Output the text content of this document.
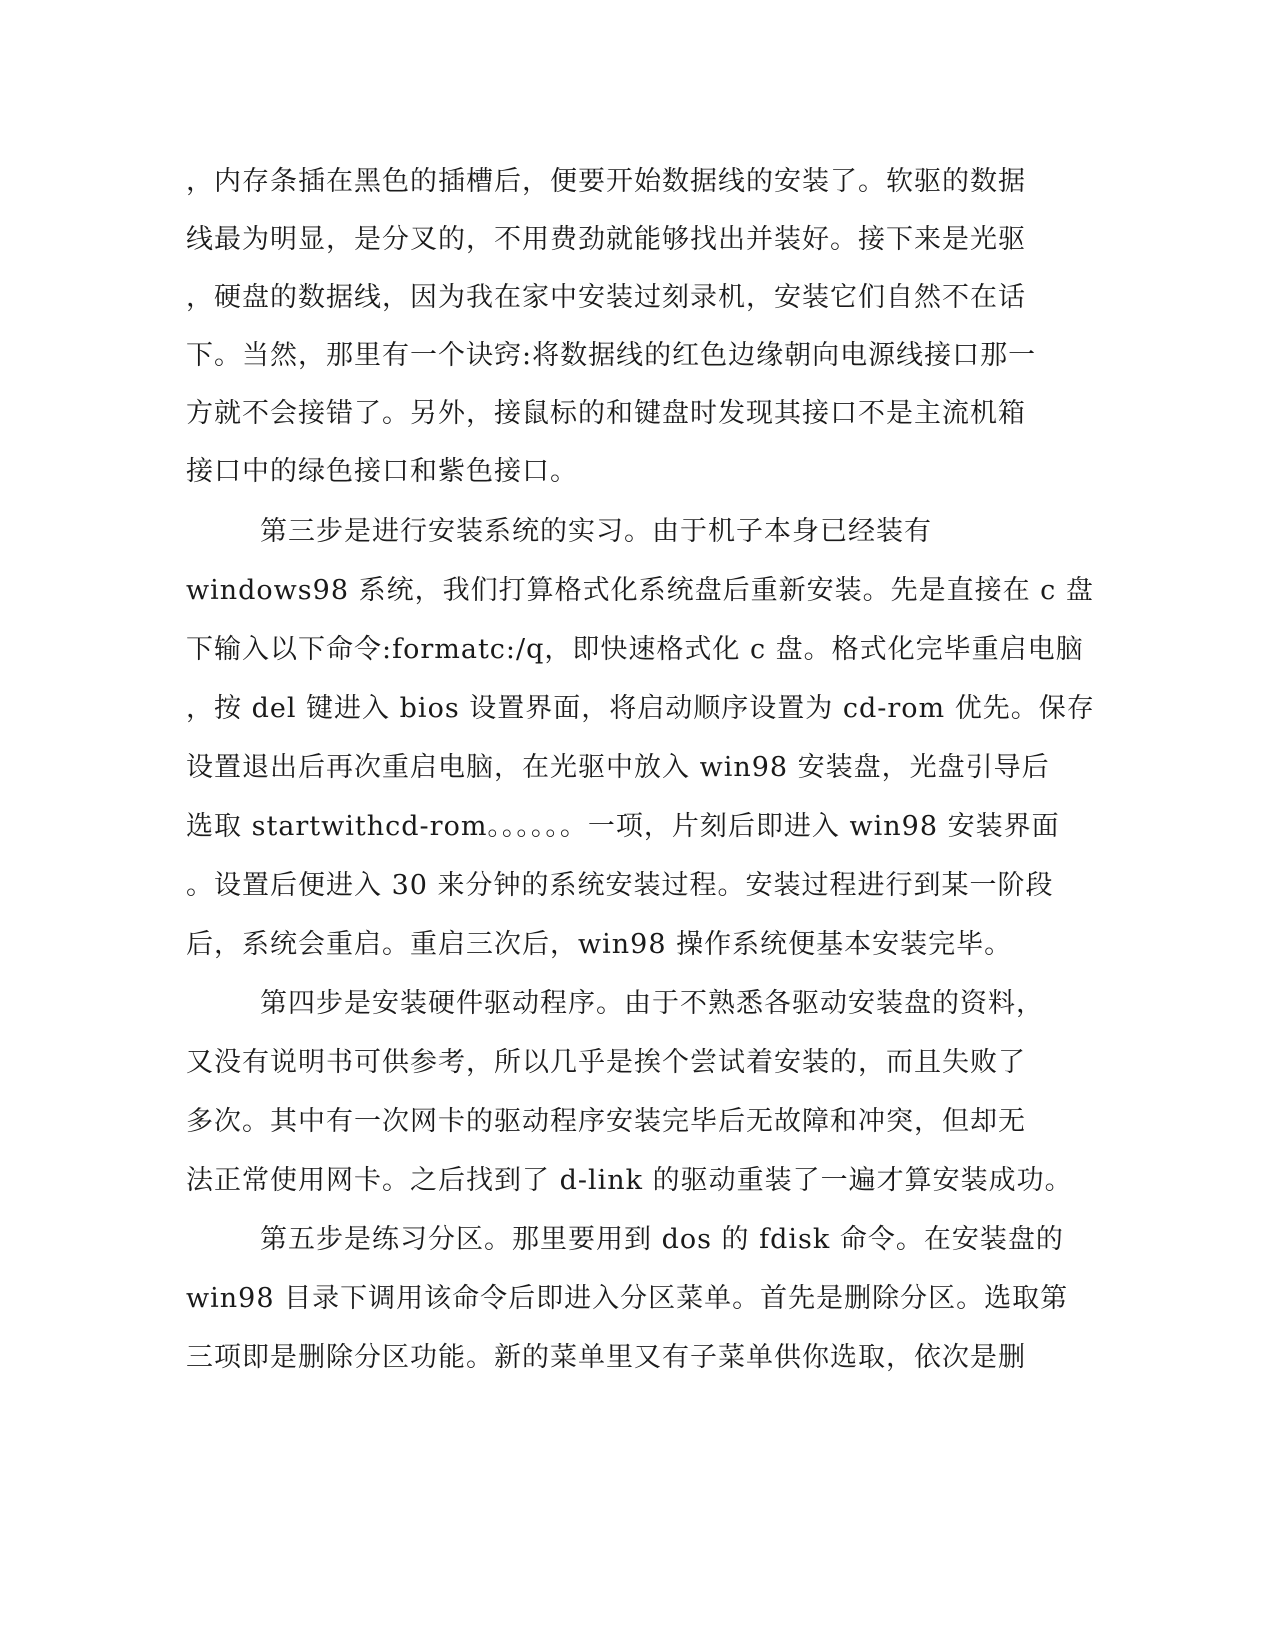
，内存条插在黑色的插槽后，便要开始数据线的安装了。软驱的数据
线最为明显，是分叉的，不用费劲就能够找出并装好。接下来是光驱
，硬盘的数据线，因为我在家中安装过刻录机，安装它们自然不在话
下。当然，那里有一个诀窍:将数据线的红色边缘朝向电源线接口那一
方就不会接错了。另外，接鼠标的和键盘时发现其接口不是主流机箱
接口中的绿色接口和紫色接口。
第三步是进行安装系统的实习。由于机子本身已经装有
windows98 系统，我们打算格式化系统盘后重新安装。先是直接在 c 盘
下输入以下命令:formatc:/q，即快速格式化 c 盘。格式化完毕重启电脑
，按 del 键进入 bios 设置界面，将启动顺序设置为 cd-rom 优先。保存
设置退出后再次重启电脑，在光驱中放入 win98 安装盘，光盘引导后
选取 startwithcd-rom。。。。。。一项，片刻后即进入 win98 安装界面
。设置后便进入 30 来分钟的系统安装过程。安装过程进行到某一阶段
后，系统会重启。重启三次后，win98 操作系统便基本安装完毕。
第四步是安装硬件驱动程序。由于不熟悉各驱动安装盘的资料，
又没有说明书可供参考，所以几乎是挨个尝试着安装的，而且失败了
多次。其中有一次网卡的驱动程序安装完毕后无故障和冲突，但却无
法正常使用网卡。之后找到了 d-link 的驱动重装了一遍才算安装成功。
第五步是练习分区。那里要用到 dos 的 fdisk 命令。在安装盘的
win98 目录下调用该命令后即进入分区菜单。首先是删除分区。选取第
三项即是删除分区功能。新的菜单里又有子菜单供你选取，依次是删
